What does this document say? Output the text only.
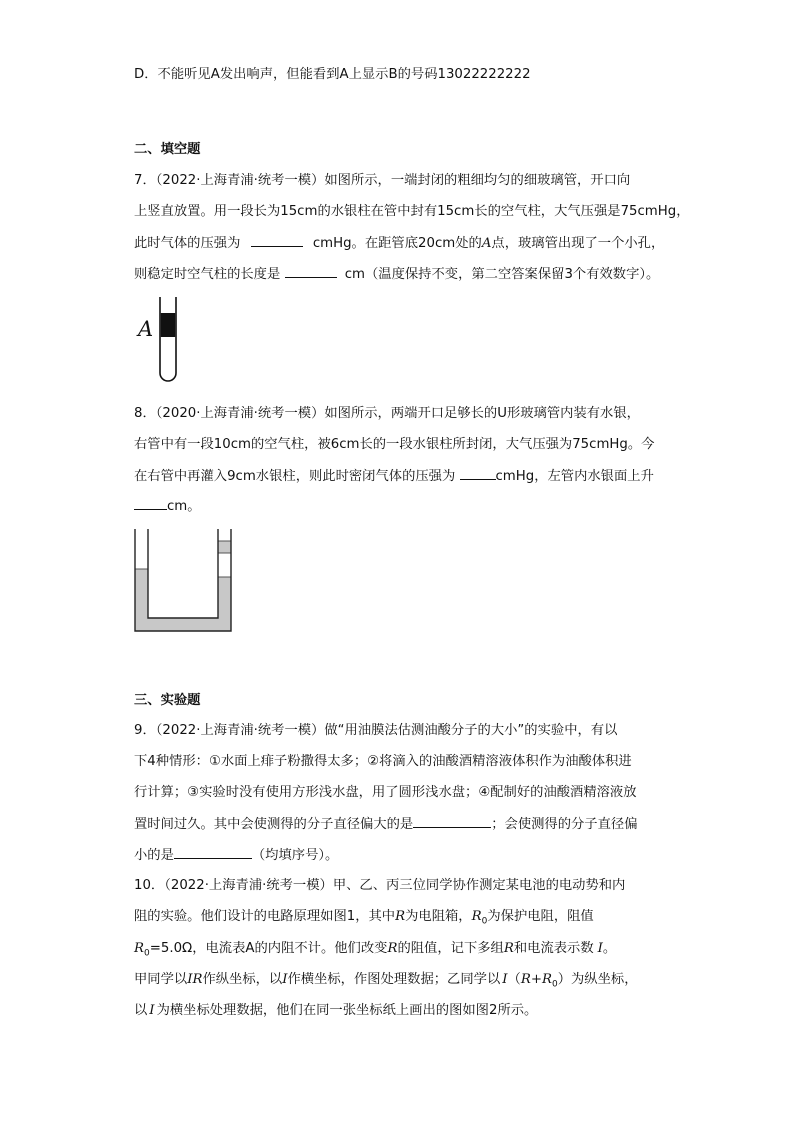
D．不能听见A发出响声，但能看到A上显示B的号码13022222222
二、填空题
7．（2022·上海青浦·统考一模）如图所示，一端封闭的粗细均匀的细玻璃管，开口向
上竖直放置。用一段长为15cm的水银柱在管中封有15cm长的空气柱，大气压强是75cmHg，
此时气体的压强为	cmHg。在距管底20cm处的A点，玻璃管出现了一个小孔，
则稳定时空气柱的长度是	cm（温度保持不变，第二空答案保留3个有效数字）。
A
8．（2020·上海青浦·统考一模）如图所示，两端开口足够长的U形玻璃管内装有水银，
右管中有一段10cm的空气柱，被6cm长的一段水银柱所封闭，大气压强为75cmHg。今
在右管中再灌入9cm水银柱，则此时密闭气体的压强为	cmHg，左管内水银面上升
cm。
三、实验题
9．（2022·上海青浦·统考一模）做“用油膜法估测油酸分子的大小”的实验中，有以
下4种情形：①水面上痱子粉撒得太多；②将滴入的油酸酒精溶液体积作为油酸体积进
行计算；③实验时没有使用方形浅水盘，用了圆形浅水盘；④配制好的油酸酒精溶液放
置时间过久。其中会使测得的分子直径偏大的是	；会使测得的分子直径偏
小的是	（均填序号）。
10．（2022·上海青浦·统考一模）甲、乙、丙三位同学协作测定某电池的电动势和内
阻的实验。他们设计的电路原理如图1，其中R为电阻箱，$R_0$为保护电阻，阻值
$R_0=5.0\Omega$，电流表A的内阻不计。他们改变R的阻值，记下多组R和电流表示数 I。
甲同学以IR作纵坐标，以I作横坐标，作图处理数据；乙同学以 $I(R+R_0)$为纵坐标，
以 I 为横坐标处理数据，他们在同一张坐标纸上画出的图如图2所示。
